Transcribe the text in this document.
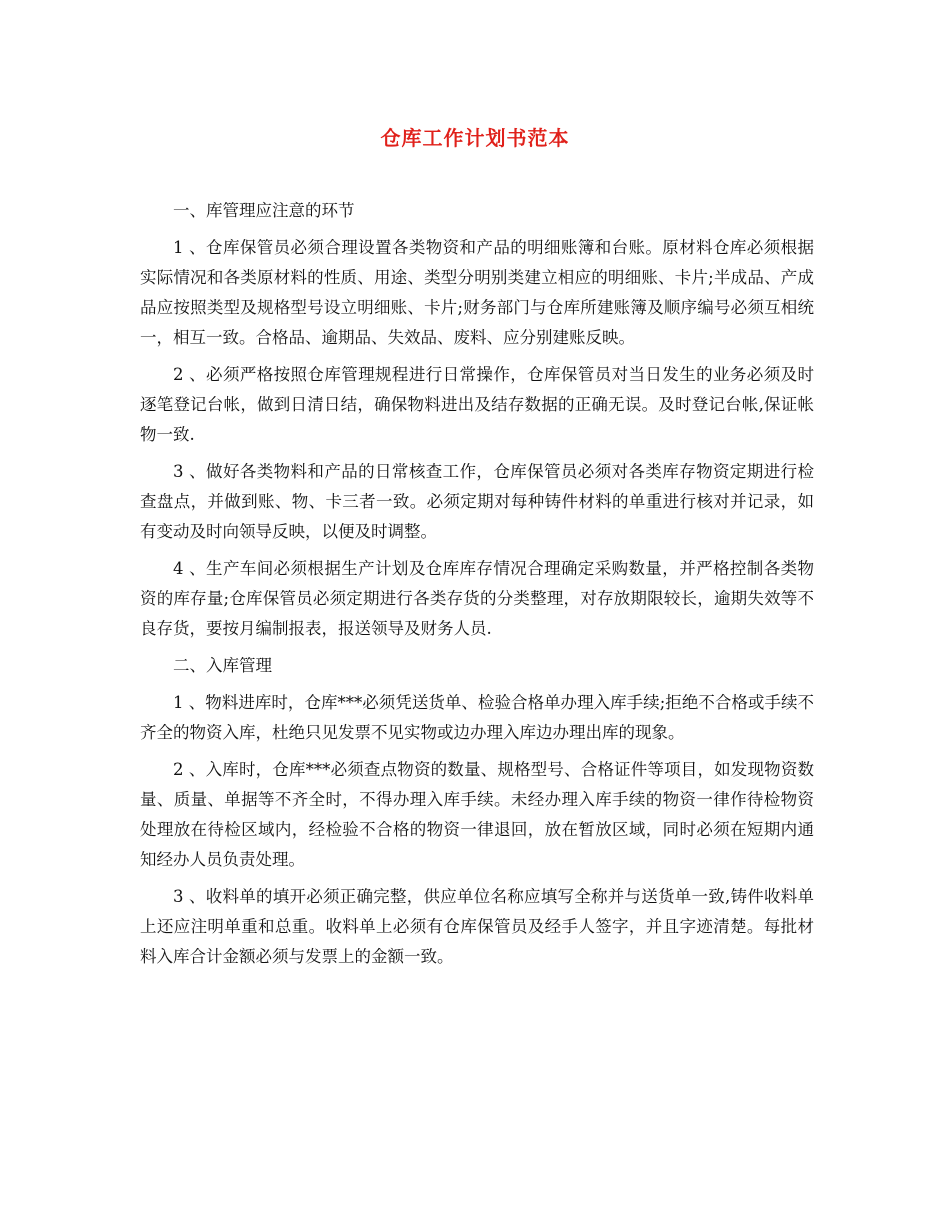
仓库工作计划书范本

一、库管理应注意的环节

1 、仓库保管员必须合理设置各类物资和产品的明细账簿和台账。原材料仓库必须根据实际情况和各类原材料的性质、用途、类型分明别类建立相应的明细账、卡片;半成品、产成品应按照类型及规格型号设立明细账、卡片;财务部门与仓库所建账簿及顺序编号必须互相统一，相互一致。合格品、逾期品、失效品、废料、应分别建账反映。

2 、必须严格按照仓库管理规程进行日常操作，仓库保管员对当日发生的业务必须及时逐笔登记台帐，做到日清日结，确保物料进出及结存数据的正确无误。及时登记台帐,保证帐物一致.

3 、做好各类物料和产品的日常核查工作，仓库保管员必须对各类库存物资定期进行检查盘点，并做到账、物、卡三者一致。必须定期对每种铸件材料的单重进行核对并记录，如有变动及时向领导反映，以便及时调整。

4 、生产车间必须根据生产计划及仓库库存情况合理确定采购数量，并严格控制各类物资的库存量;仓库保管员必须定期进行各类存货的分类整理，对存放期限较长，逾期失效等不良存货，要按月编制报表，报送领导及财务人员.

二、入库管理

1 、物料进库时，仓库***必须凭送货单、检验合格单办理入库手续;拒绝不合格或手续不齐全的物资入库，杜绝只见发票不见实物或边办理入库边办理出库的现象。

2 、入库时，仓库***必须查点物资的数量、规格型号、合格证件等项目，如发现物资数量、质量、单据等不齐全时，不得办理入库手续。未经办理入库手续的物资一律作待检物资处理放在待检区域内，经检验不合格的物资一律退回，放在暂放区域，同时必须在短期内通知经办人员负责处理。

3 、收料单的填开必须正确完整，供应单位名称应填写全称并与送货单一致,铸件收料单上还应注明单重和总重。收料单上必须有仓库保管员及经手人签字，并且字迹清楚。每批材料入库合计金额必须与发票上的金额一致。
